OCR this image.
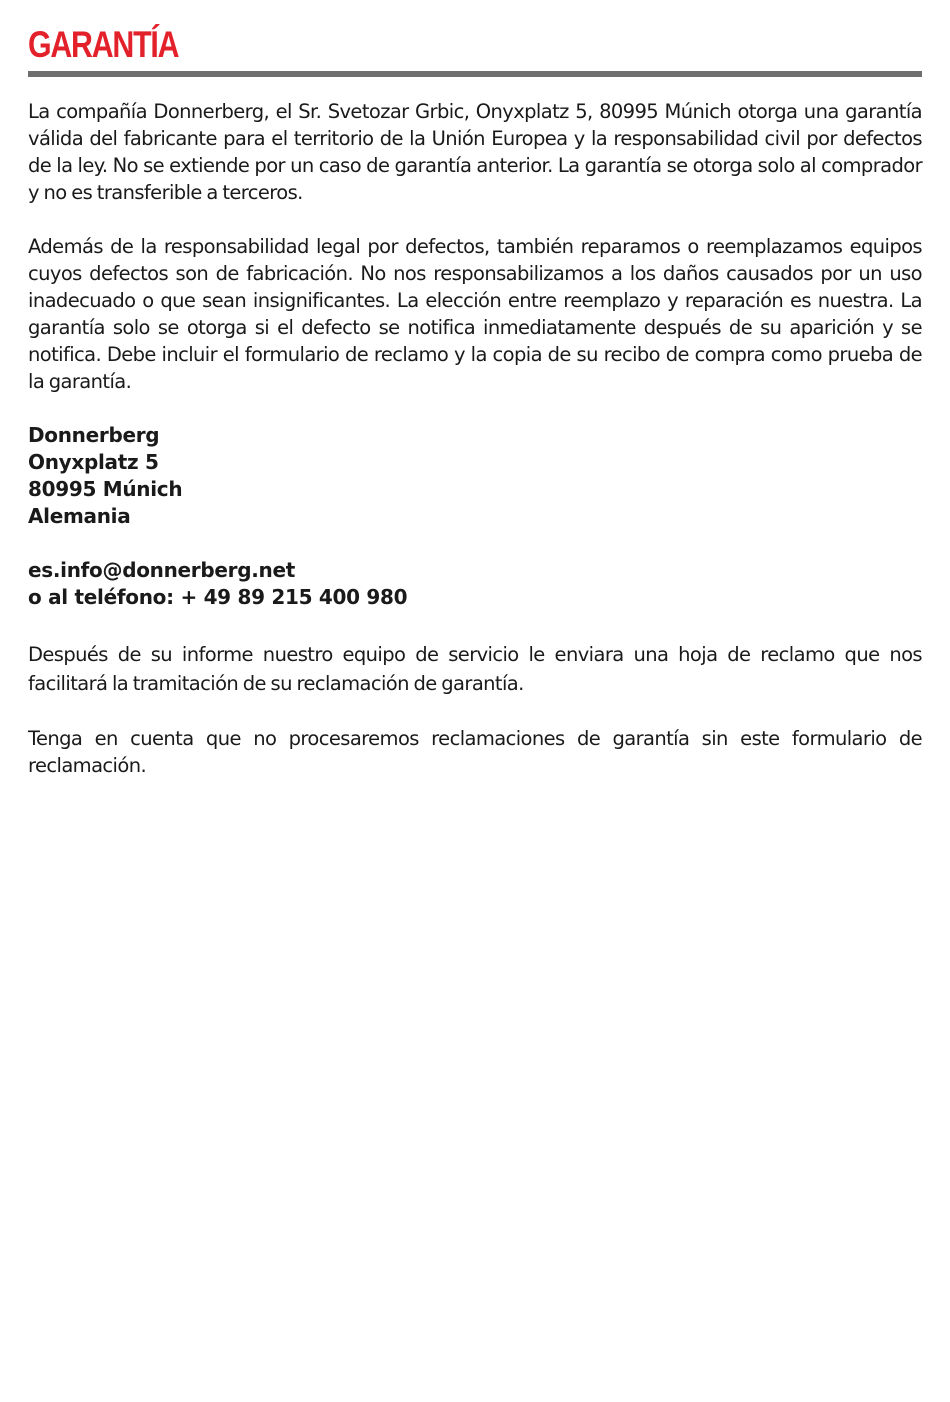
GARANTÍA

La compañía Donnerberg, el Sr. Svetozar Grbic, Onyxplatz 5, 80995 Múnich otorga una garantía válida del fabricante para el territorio de la Unión Europea y la responsabilidad civil por defectos de la ley. No se extiende por un caso de garantía anterior. La garantía se otorga solo al comprador y no es transferible a terceros.

Además de la responsabilidad legal por defectos, también reparamos o reemplazamos equipos cuyos defectos son de fabricación. No nos responsabilizamos a los daños causados por un uso inadecuado o que sean insignificantes. La elección entre reemplazo y reparación es nuestra. La garantía solo se otorga si el defecto se notifica inmediatamente después de su aparición y se notifica. Debe incluir el formulario de reclamo y la copia de su recibo de compra como prueba de la garantía.

Donnerberg
Onyxplatz 5
80995 Múnich
Alemania
es.info@donnerberg.net
o al teléfono: + 49 89 215 400 980

Después de su informe nuestro equipo de servicio le enviara una hoja de reclamo que nos facilitará la tramitación de su reclamación de garantía.

Tenga en cuenta que no procesaremos reclamaciones de garantía sin este formulario de reclamación.
